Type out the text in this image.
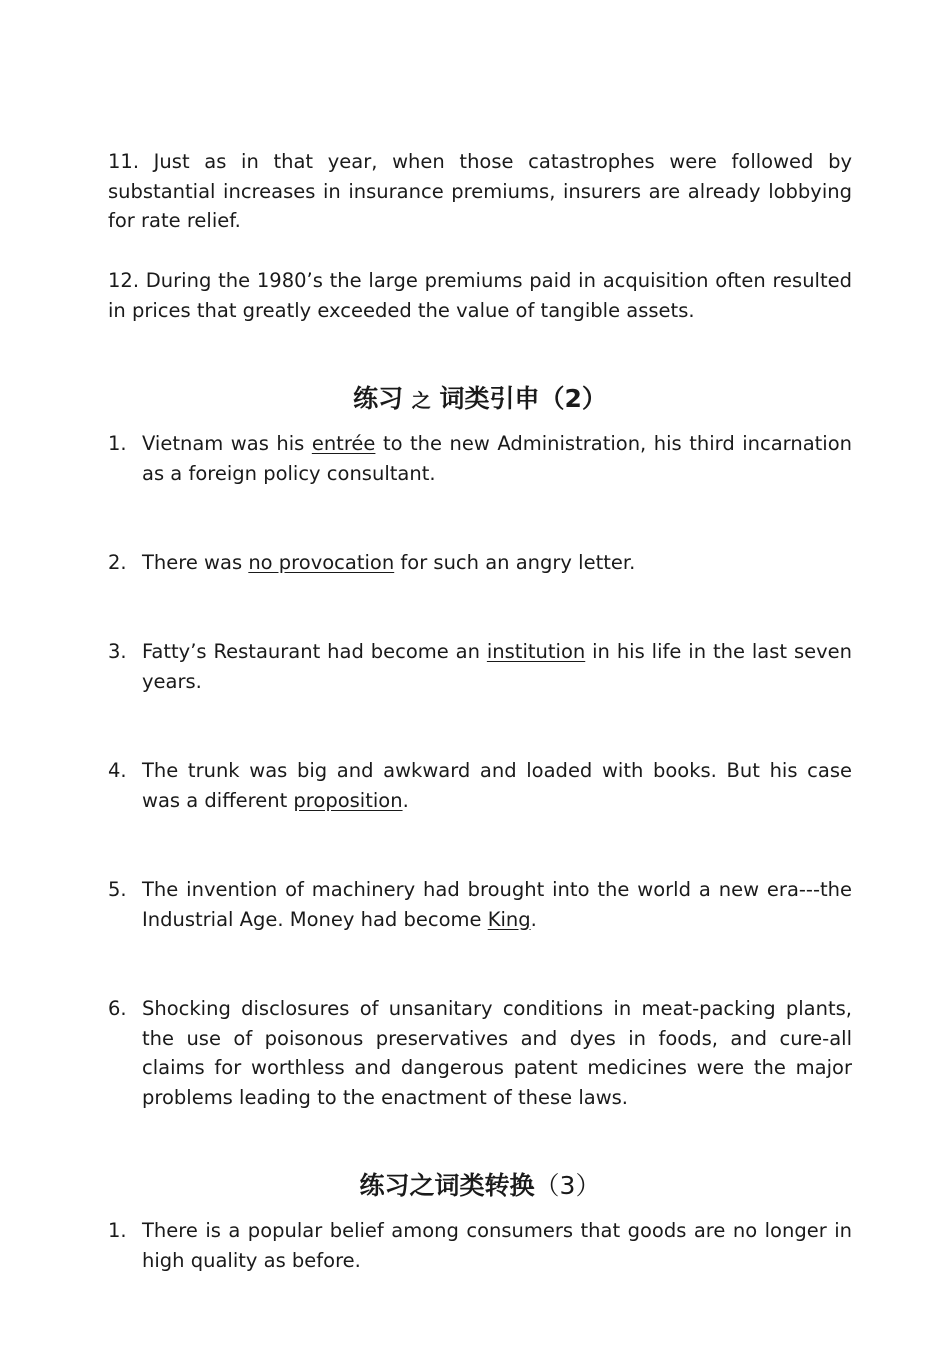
11. Just as in that year, when those catastrophes were followed by substantial increases in insurance premiums, insurers are already lobbying for rate relief.

12. During the 1980’s the large premiums paid in acquisition often resulted in prices that greatly exceeded the value of tangible assets.

练习 之 词类引申（2）
1. Vietnam was his entrée to the new Administration, his third incarnation as a foreign policy consultant.
2. There was no provocation for such an angry letter.
3. Fatty’s Restaurant had become an institution in his life in the last seven years.
4. The trunk was big and awkward and loaded with books. But his case was a different proposition.
5. The invention of machinery had brought into the world a new era---the Industrial Age. Money had become King.
6. Shocking disclosures of unsanitary conditions in meat-packing plants, the use of poisonous preservatives and dyes in foods, and cure-all claims for worthless and dangerous patent medicines were the major problems leading to the enactment of these laws.
练习之词类转换（3）
1. There is a popular belief among consumers that goods are no longer in high quality as before.
